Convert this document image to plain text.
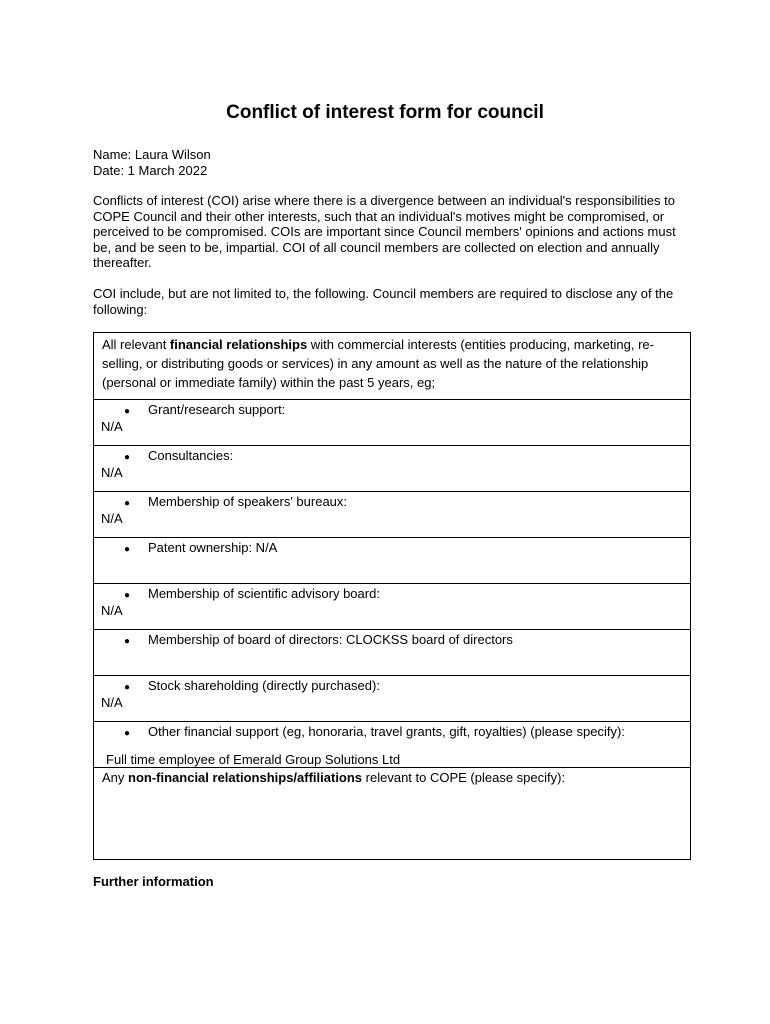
Conflict of interest form for council
Name: Laura Wilson
Date: 1 March 2022
Conflicts of interest (COI) arise where there is a divergence between an individual's responsibilities to COPE Council and their other interests, such that an individual's motives might be compromised, or perceived to be compromised. COIs are important since Council members' opinions and actions must be, and be seen to be, impartial. COI of all council members are collected on election and annually thereafter.
COI include, but are not limited to, the following. Council members are required to disclose any of the following:
All relevant financial relationships with commercial interests (entities producing, marketing, re-selling, or distributing goods or services) in any amount as well as the nature of the relationship (personal or immediate family) within the past 5 years, eg;

● Grant/research support:
N/A

● Consultancies:
N/A

● Membership of speakers' bureaux:
N/A

● Patent ownership: N/A

● Membership of scientific advisory board:
N/A

● Membership of board of directors: CLOCKSS board of directors

● Stock shareholding (directly purchased):
N/A

● Other financial support (eg, honoraria, travel grants, gift, royalties) (please specify):
Full time employee of Emerald Group Solutions Ltd

Any non-financial relationships/affiliations relevant to COPE (please specify):
Further information
